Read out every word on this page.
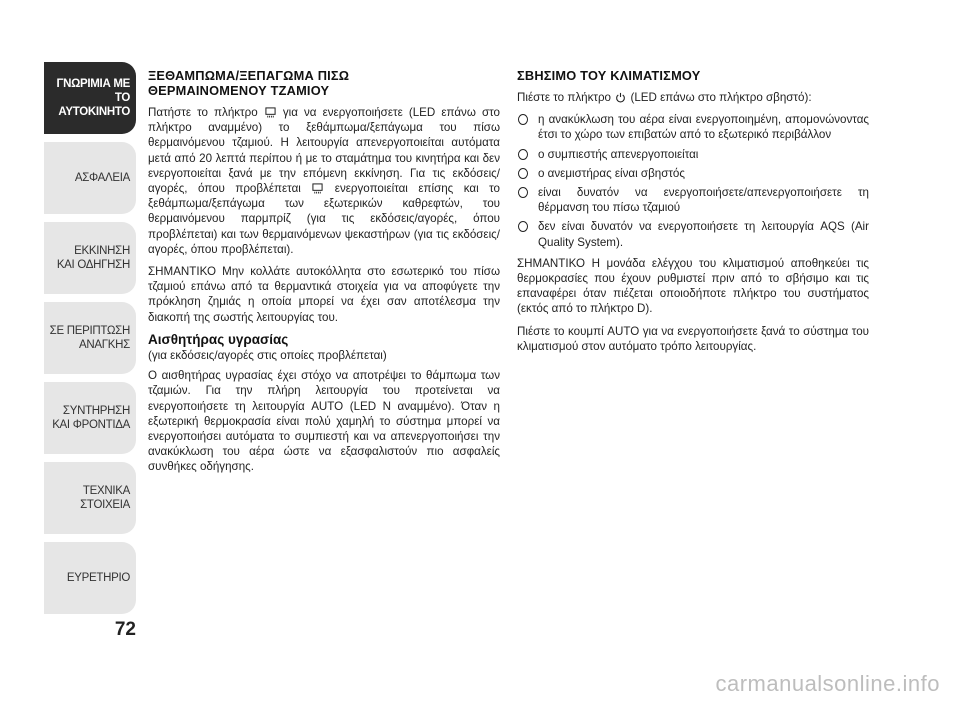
ΓΝΩΡΙΜΙΑ ΜΕ ΤΟ
ΑΥΤΟΚΙΝΗΤΟ
ΑΣΦΑΛΕΙΑ
ΕΚΚΙΝΗΣΗ
ΚΑΙ ΟΔΗΓΗΣΗ
ΣΕ ΠΕΡΙΠΤΩΣΗ
ΑΝΑΓΚΗΣ
ΣΥΝΤΗΡΗΣΗ
ΚΑΙ ΦΡΟΝΤΙΔΑ
ΤΕΧΝΙΚΑ
ΣΤΟΙΧΕΙΑ
ΕΥΡΕΤΗΡΙΟ
72
ΞΕΘΑΜΠΩΜΑ/ΞΕΠΑΓΩΜΑ ΠΙΣΩ
ΘΕΡΜΑΙΝΟΜΕΝΟΥ ΤΖΑΜΙΟΥ

Πατήστε το πλήκτρο για να ενεργοποιήσετε (LED επάνω στο πλήκτρο αναμμένο) το ξεθάμπωμα/ξεπάγωμα του πίσω θερμαινόμενου τζαμιού. Η λειτουργία απενεργοποιείται αυτόματα μετά από 20 λεπτά περίπου ή με το σταμάτημα του κινητήρα και δεν ενεργοποιείται ξανά με την επόμενη εκκίνηση. Για τις εκδόσεις/αγορές, όπου προβλέπεται	ενεργοποιείται επίσης και το ξεθάμπωμα/ξεπάγωμα των εξωτερικών καθρεφτών, του θερμαινόμενου παρμπρίζ (για τις εκδόσεις/αγορές, όπου προβλέπεται) και των θερμαινόμενων ψεκαστήρων (για τις εκδόσεις/αγορές, όπου προβλέπεται).

ΣΗΜΑΝΤΙΚΟ Μην κολλάτε αυτοκόλλητα στο εσωτερικό του πίσω τζαμιού επάνω από τα θερμαντικά στοιχεία για να αποφύγετε την πρόκληση ζημιάς η οποία μπορεί να έχει σαν αποτέλεσμα την διακοπή της σωστής λειτουργίας του.

Αισθητήρας υγρασίας

(για εκδόσεις/αγορές στις οποίες προβλέπεται)

Ο αισθητήρας υγρασίας έχει στόχο να αποτρέψει το θάμπωμα των τζαμιών. Για την πλήρη λειτουργία του προτείνεται να ενεργοποιήσετε τη λειτουργία AUTO (LED N αναμμένο). Όταν η εξωτερική θερμοκρασία είναι πολύ χαμηλή το σύστημα μπορεί να ενεργοποιήσει αυτόματα το συμπιεστή και να απενεργοποιήσει την ανακύκλωση του αέρα ώστε να εξασφαλιστούν πιο ασφαλείς συνθήκες οδήγησης.

ΣΒΗΣΙΜΟ ΤΟΥ ΚΛΙΜΑΤΙΣΜΟΥ

Πιέστε το πλήκτρο (LED επάνω στο πλήκτρο σβηστό):

η ανακύκλωση του αέρα είναι ενεργοποιημένη, απομονώνοντας έτσι το χώρο των επιβατών από το εξωτερικό περιβάλλον
ο συμπιεστής απενεργοποιείται
ο ανεμιστήρας είναι σβηστός
είναι δυνατόν να ενεργοποιήσετε/απενεργοποιήσετε τη θέρμανση του πίσω τζαμιού
δεν είναι δυνατόν να ενεργοποιήσετε τη λειτουργία AQS (Air Quality System).

ΣΗΜΑΝΤΙΚΟ Η μονάδα ελέγχου του κλιματισμού αποθηκεύει τις θερμοκρασίες που έχουν ρυθμιστεί πριν από το σβήσιμο και τις επαναφέρει όταν πιέζεται οποιοδήποτε πλήκτρο του συστήματος (εκτός από το πλήκτρο D).

Πιέστε το κουμπί AUTO για να ενεργοποιήσετε ξανά το σύστημα του κλιματισμού στον αυτόματο τρόπο λειτουργίας.

carmanualsonline.info
